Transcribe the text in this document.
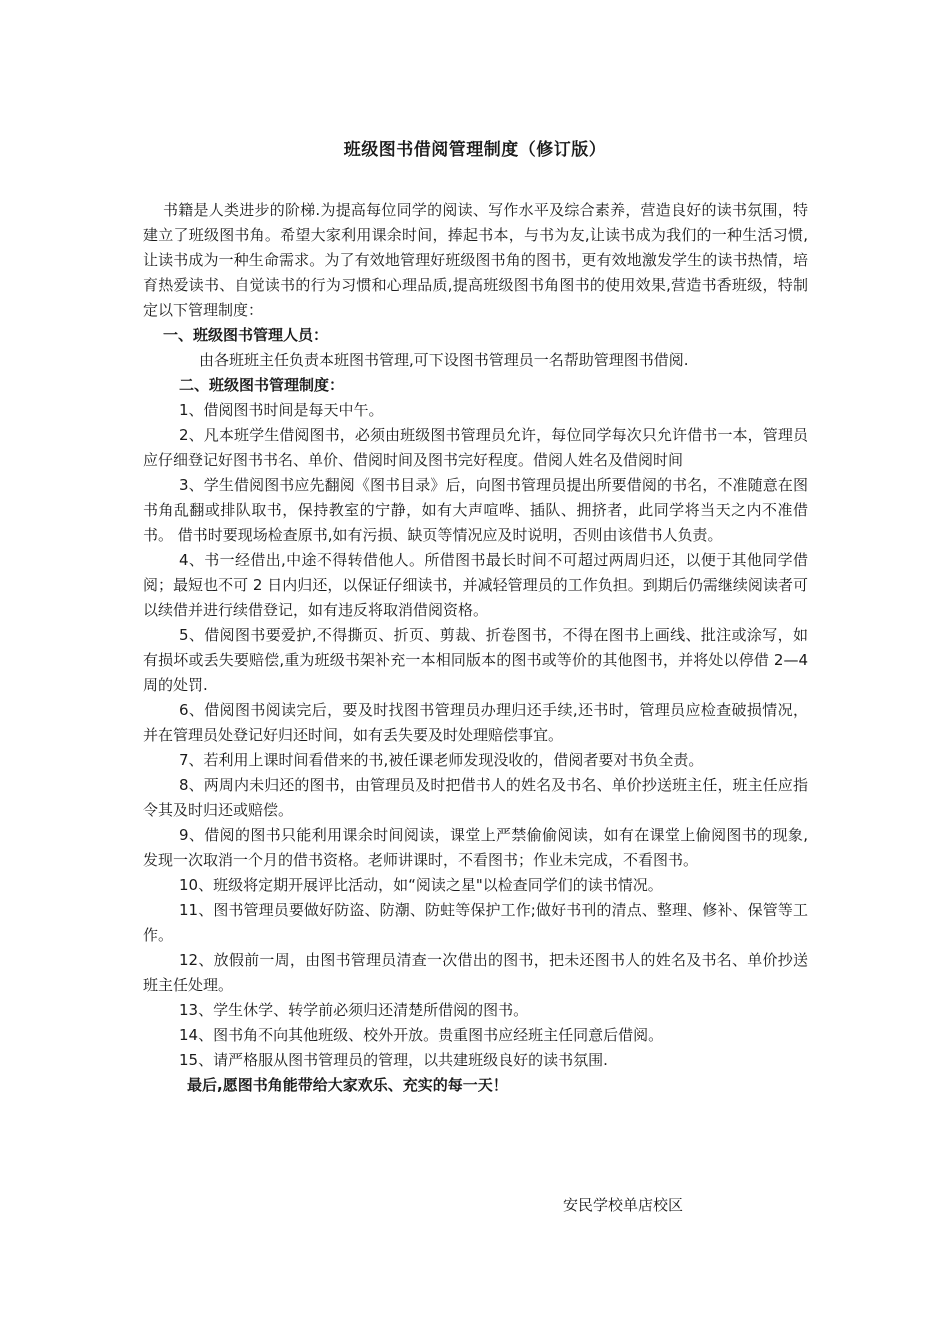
班级图书借阅管理制度（修订版）

书籍是人类进步的阶梯.为提高每位同学的阅读、写作水平及综合素养，营造良好的读书氛围，特建立了班级图书角。希望大家利用课余时间，捧起书本，与书为友,让读书成为我们的一种生活习惯,让读书成为一种生命需求。为了有效地管理好班级图书角的图书，更有效地激发学生的读书热情，培育热爱读书、自觉读书的行为习惯和心理品质,提高班级图书角图书的使用效果,营造书香班级，特制定以下管理制度：

一、班级图书管理人员：

由各班班主任负责本班图书管理,可下设图书管理员一名帮助管理图书借阅.

二、班级图书管理制度：

1、借阅图书时间是每天中午。

2、凡本班学生借阅图书，必须由班级图书管理员允许，每位同学每次只允许借书一本，管理员应仔细登记好图书书名、单价、借阅时间及图书完好程度。借阅人姓名及借阅时间

3、学生借阅图书应先翻阅《图书目录》后，向图书管理员提出所要借阅的书名，不准随意在图书角乱翻或排队取书，保持教室的宁静，如有大声喧哗、插队、拥挤者，此同学将当天之内不准借书。 借书时要现场检查原书,如有污损、缺页等情况应及时说明，否则由该借书人负责。

4、书一经借出,中途不得转借他人。所借图书最长时间不可超过两周归还，以便于其他同学借阅；最短也不可 2 日内归还，以保证仔细读书，并减轻管理员的工作负担。到期后仍需继续阅读者可以续借并进行续借登记，如有违反将取消借阅资格。

5、借阅图书要爱护,不得撕页、折页、剪裁、折卷图书，不得在图书上画线、批注或涂写，如有损坏或丢失要赔偿,重为班级书架补充一本相同版本的图书或等价的其他图书，并将处以停借 2—4 周的处罚.

6、借阅图书阅读完后，要及时找图书管理员办理归还手续,还书时，管理员应检查破损情况，并在管理员处登记好归还时间，如有丢失要及时处理赔偿事宜。

7、若利用上课时间看借来的书,被任课老师发现没收的，借阅者要对书负全责。

8、两周内未归还的图书，由管理员及时把借书人的姓名及书名、单价抄送班主任，班主任应指令其及时归还或赔偿。

9、借阅的图书只能利用课余时间阅读，课堂上严禁偷偷阅读，如有在课堂上偷阅图书的现象,发现一次取消一个月的借书资格。老师讲课时，不看图书；作业未完成，不看图书。

10、班级将定期开展评比活动，如“阅读之星"以检查同学们的读书情况。

11、图书管理员要做好防盗、防潮、防蛀等保护工作;做好书刊的清点、整理、修补、保管等工作。

12、放假前一周，由图书管理员清查一次借出的图书，把未还图书人的姓名及书名、单价抄送班主任处理。

13、学生休学、转学前必须归还清楚所借阅的图书。

14、图书角不向其他班级、校外开放。贵重图书应经班主任同意后借阅。

15、请严格服从图书管理员的管理，以共建班级良好的读书氛围.

最后,愿图书角能带给大家欢乐、充实的每一天！

安民学校单店校区
